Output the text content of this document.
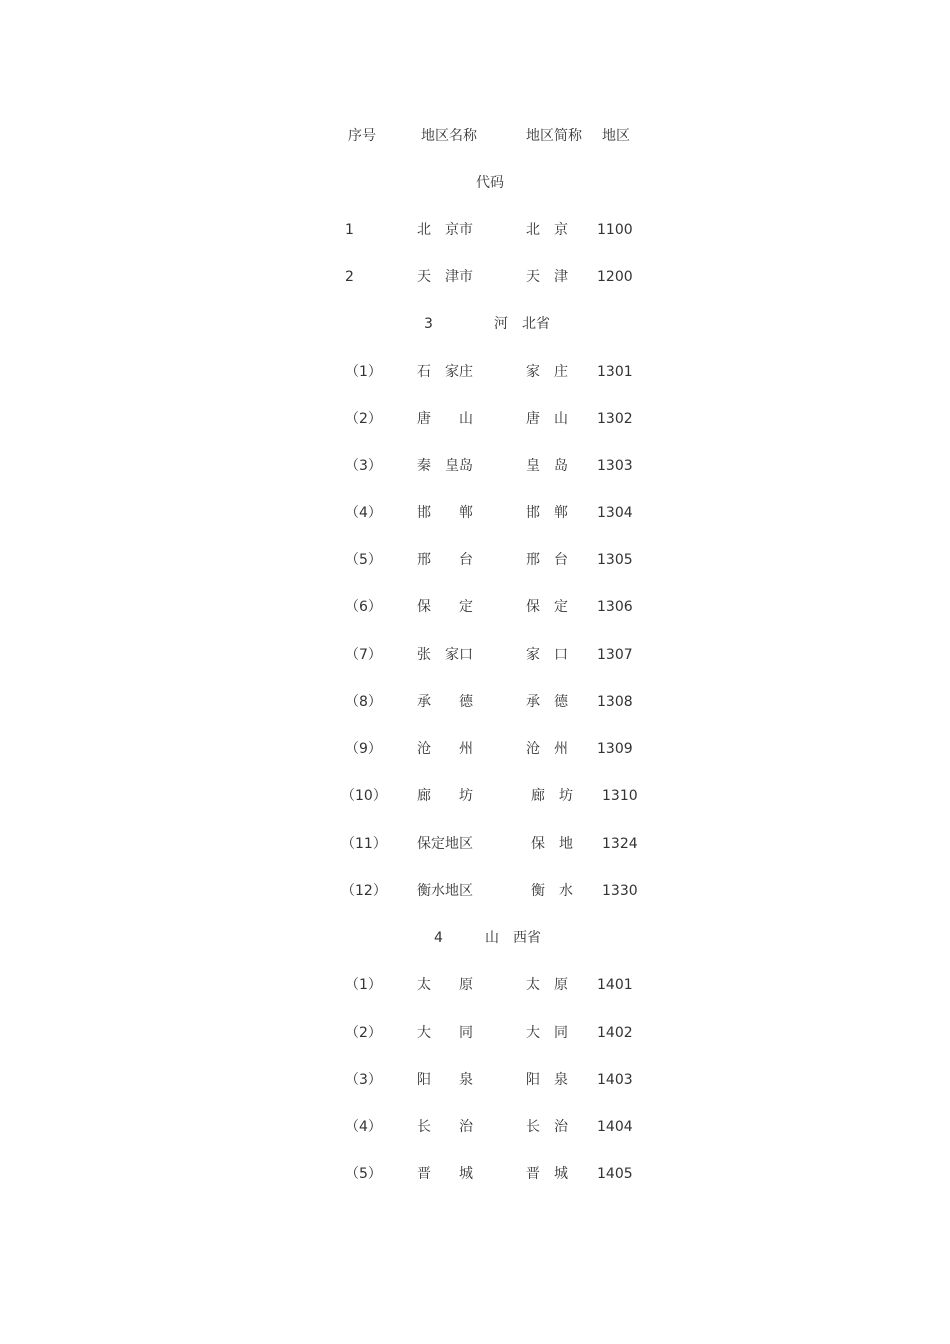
序号	地区名称	地区简称 地区
代码
1	北　京市	北　京 1100
2	天　津市	天　津 1200
3	河　北省
（1）	石　家庄	家　庄 1301
（2）	唐　　山	唐　山 1302
（3）	秦　皇岛	皇　岛 1303
（4）	邯　　郸	邯　郸 1304
（5）	邢　　台	邢　台 1305
（6）	保　　定	保　定 1306
（7）	张　家口	家　口 1307
（8）	承　　德	承　德 1308
（9）	沧　　州	沧　州 1309
（10） 廊　　坊	廊　坊 1310
（11） 保定地区	保　地 1324
（12） 衡水地区	衡　水 1330
4	山　西省
（1）	太　　原	太　原 1401
（2）	大　　同	大　同 1402
（3）	阳　　泉	阳　泉 1403
（4）	长　　治	长　治 1404
（5）	晋　　城	晋　城 1405
